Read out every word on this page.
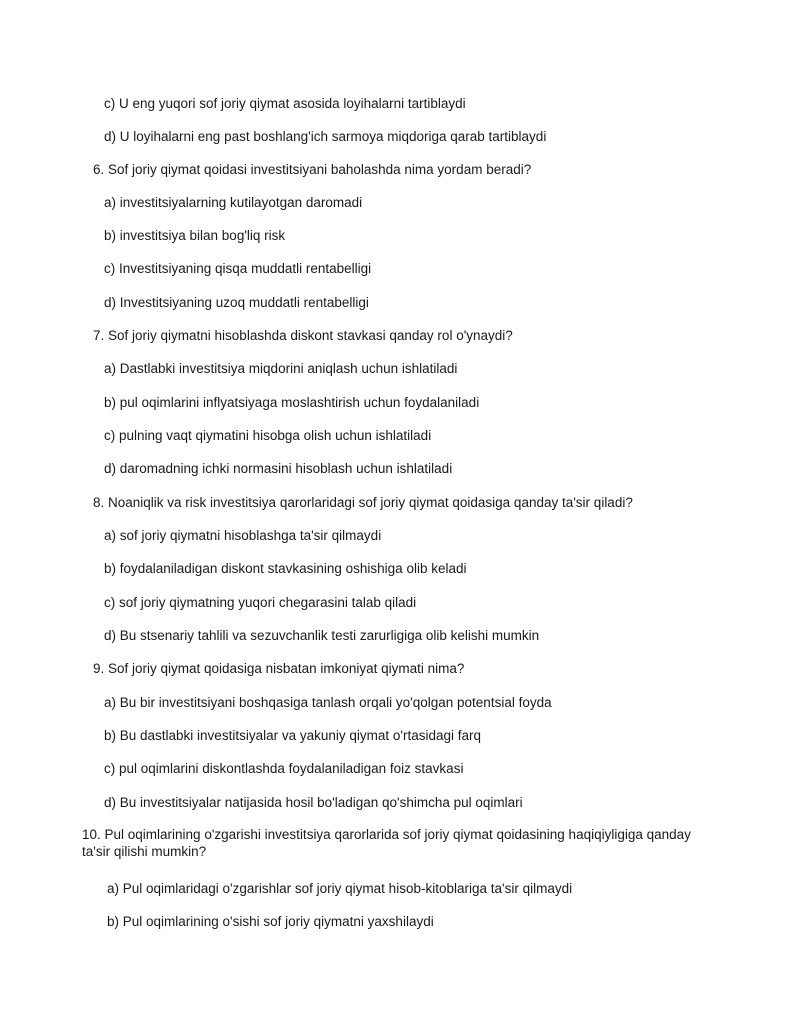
c) U eng yuqori sof joriy qiymat asosida loyihalarni tartiblaydi
d) U loyihalarni eng past boshlang'ich sarmoya miqdoriga qarab tartiblaydi
6. Sof joriy qiymat qoidasi investitsiyani baholashda nima yordam beradi?
a) investitsiyalarning kutilayotgan daromadi
b) investitsiya bilan bog'liq risk
c) Investitsiyaning qisqa muddatli rentabelligi
d) Investitsiyaning uzoq muddatli rentabelligi
7. Sof joriy qiymatni hisoblashda diskont stavkasi qanday rol o'ynaydi?
a) Dastlabki investitsiya miqdorini aniqlash uchun ishlatiladi
b) pul oqimlarini inflyatsiyaga moslashtirish uchun foydalaniladi
c) pulning vaqt qiymatini hisobga olish uchun ishlatiladi
d) daromadning ichki normasini hisoblash uchun ishlatiladi
8. Noaniqlik va risk investitsiya qarorlaridagi sof joriy qiymat qoidasiga qanday ta'sir qiladi?
a) sof joriy qiymatni hisoblashga ta'sir qilmaydi
b) foydalaniladigan diskont stavkasining oshishiga olib keladi
c) sof joriy qiymatning yuqori chegarasini talab qiladi
d) Bu stsenariy tahlili va sezuvchanlik testi zarurligiga olib kelishi mumkin
9. Sof joriy qiymat qoidasiga nisbatan imkoniyat qiymati nima?
a) Bu bir investitsiyani boshqasiga tanlash orqali yo'qolgan potentsial foyda
b) Bu dastlabki investitsiyalar va yakuniy qiymat o'rtasidagi farq
c) pul oqimlarini diskontlashda foydalaniladigan foiz stavkasi
d) Bu investitsiyalar natijasida hosil bo'ladigan qo'shimcha pul oqimlari
10. Pul oqimlarining o'zgarishi investitsiya qarorlarida sof joriy qiymat qoidasining haqiqiyligiga qanday ta'sir qilishi mumkin?
a) Pul oqimlaridagi o'zgarishlar sof joriy qiymat hisob-kitoblariga ta'sir qilmaydi
b) Pul oqimlarining o'sishi sof joriy qiymatni yaxshilaydi
